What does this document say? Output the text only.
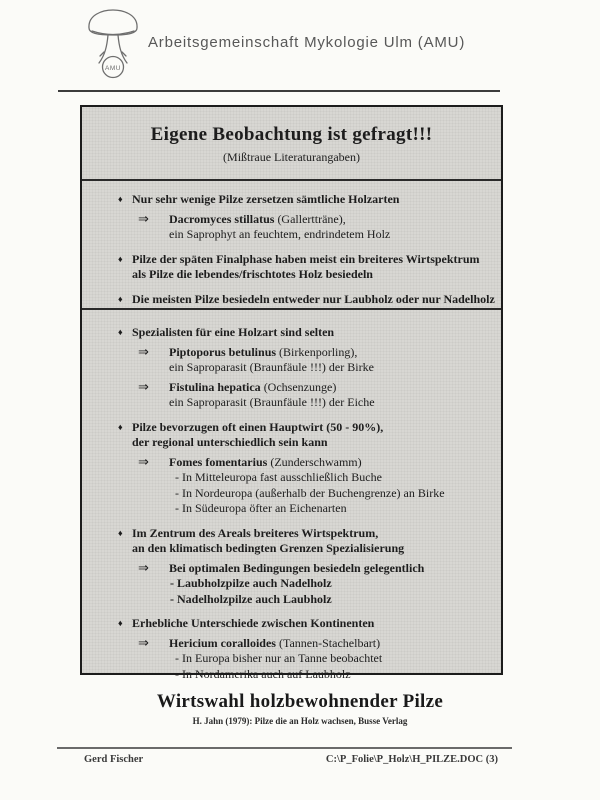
AMU
Arbeitsgemeinschaft Mykologie Ulm (AMU)
Eigene Beobachtung ist gefragt!!!
(Mißtraue Literaturangaben)
♦ Nur sehr wenige Pilze zersetzen sämtliche Holzarten
⇒ Dacromyces stillatus (Gallertträne),
ein Saprophyt an feuchtem, endrindetem Holz
♦ Pilze der späten Finalphase haben meist ein breiteres Wirtspektrum
als Pilze die lebendes/frischtotes Holz besiedeln
♦ Die meisten Pilze besiedeln entweder nur Laubholz oder nur Nadelholz
♦ Spezialisten für eine Holzart sind selten
⇒ Piptoporus betulinus (Birkenporling),
ein Saproparasit (Braunfäule !!!) der Birke
⇒ Fistulina hepatica (Ochsenzunge)
ein Saproparasit (Braunfäule !!!) der Eiche
♦ Pilze bevorzugen oft einen Hauptwirt (50 - 90%),
der regional unterschiedlich sein kann
⇒ Fomes fomentarius (Zunderschwamm)
- In Mitteleuropa fast ausschließlich Buche
- In Nordeuropa (außerhalb der Buchengrenze) an Birke
- In Südeuropa öfter an Eichenarten
♦ Im Zentrum des Areals breiteres Wirtspektrum,
an den klimatisch bedingten Grenzen Spezialisierung
⇒ Bei optimalen Bedingungen besiedeln gelegentlich
- Laubholzpilze auch Nadelholz
- Nadelholzpilze auch Laubholz
♦ Erhebliche Unterschiede zwischen Kontinenten
⇒ Hericium coralloides (Tannen-Stachelbart)
- In Europa bisher nur an Tanne beobachtet
- In Nordamerika auch auf Laubholz
Wirtswahl holzbewohnender Pilze
H. Jahn (1979): Pilze die an Holz wachsen, Busse Verlag
Gerd Fischer	C:\P_Folie\P_Holz\H_PILZE.DOC (3)
